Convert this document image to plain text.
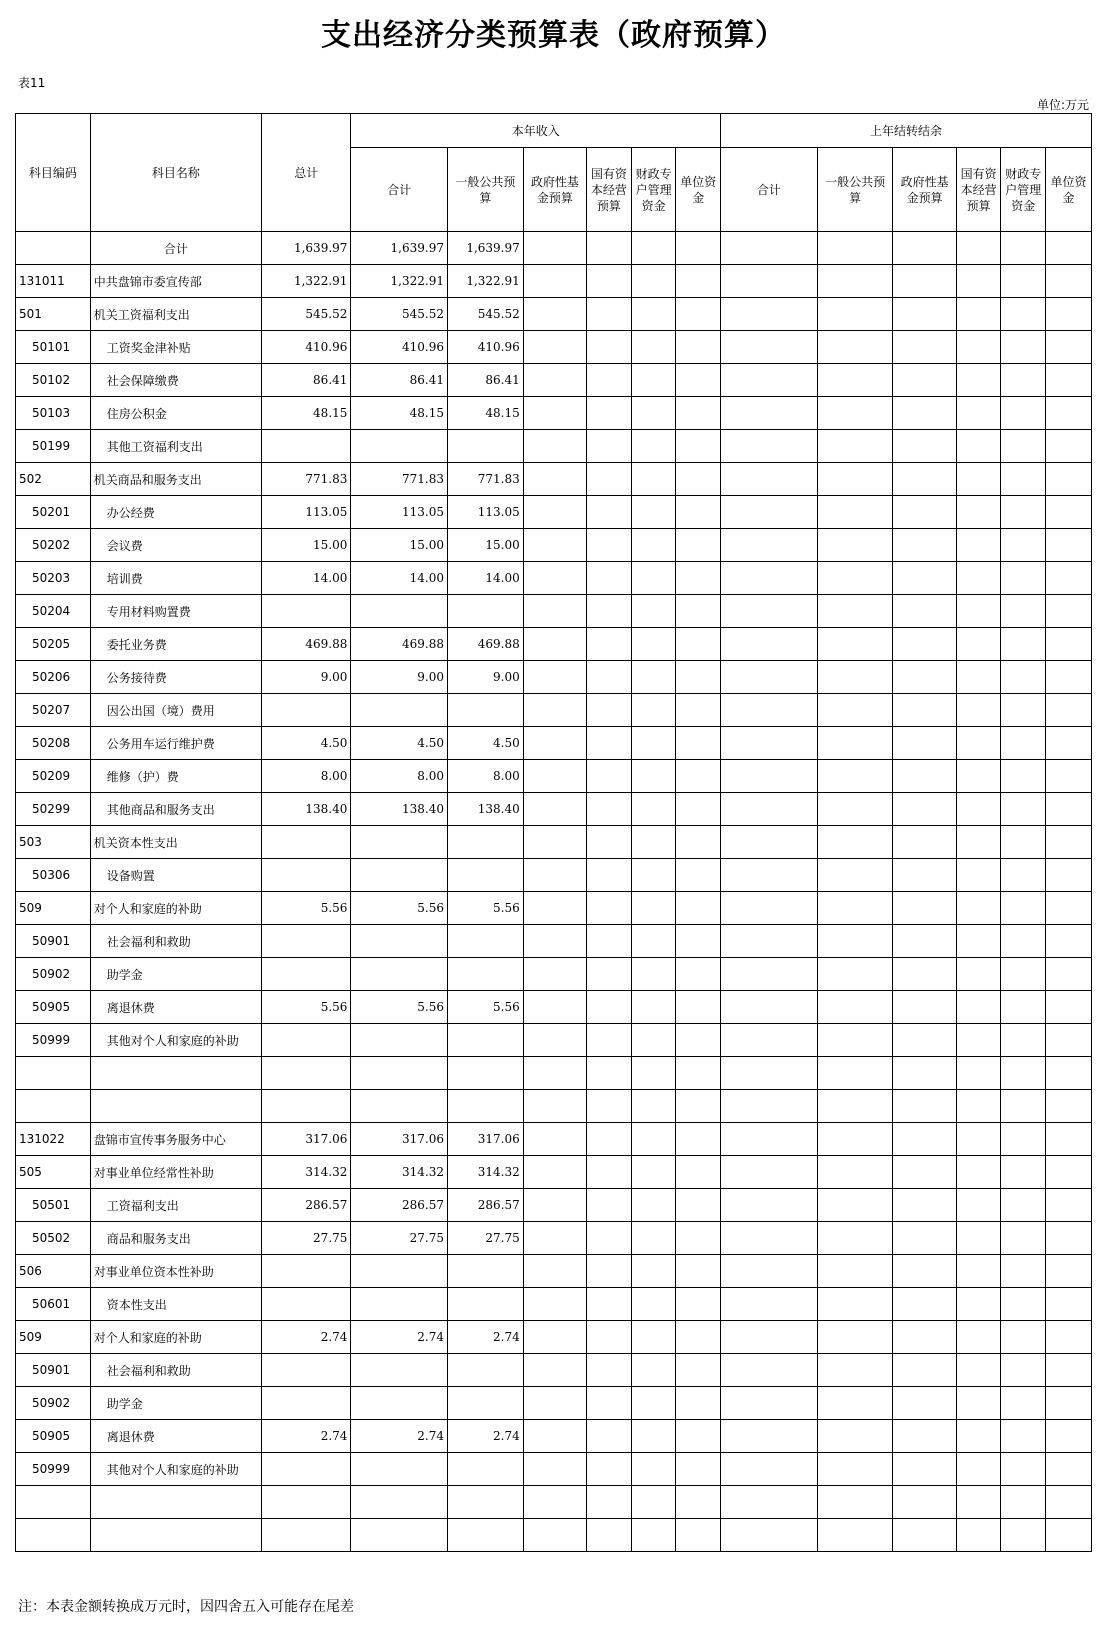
支出经济分类预算表（政府预算）
表11
单位:万元
科目编码	科目名称	总计	本年收入						上年结转结余					
			合计	一般公共预算	政府性基金预算	国有资本经营预算	财政专户管理资金	单位资金	合计	一般公共预算	政府性基金预算	国有资本经营预算	财政专户管理资金	单位资金
	合计	1,639.97	1,639.97	1,639.97										
131011	中共盘锦市委宣传部	1,322.91	1,322.91	1,322.91										
501	机关工资福利支出	545.52	545.52	545.52										
50101	工资奖金津补贴	410.96	410.96	410.96										
50102	社会保障缴费	86.41	86.41	86.41										
50103	住房公积金	48.15	48.15	48.15										
50199	其他工资福利支出													
502	机关商品和服务支出	771.83	771.83	771.83										
50201	办公经费	113.05	113.05	113.05										
50202	会议费	15.00	15.00	15.00										
50203	培训费	14.00	14.00	14.00										
50204	专用材料购置费													
50205	委托业务费	469.88	469.88	469.88										
50206	公务接待费	9.00	9.00	9.00										
50207	因公出国（境）费用													
50208	公务用车运行维护费	4.50	4.50	4.50										
50209	维修（护）费	8.00	8.00	8.00										
50299	其他商品和服务支出	138.40	138.40	138.40										
503	机关资本性支出													
50306	设备购置													
509	对个人和家庭的补助	5.56	5.56	5.56										
50901	社会福利和救助													
50902	助学金													
50905	离退休费	5.56	5.56	5.56										
50999	其他对个人和家庭的补助													

131022	盘锦市宣传事务服务中心	317.06	317.06	317.06										
505	对事业单位经常性补助	314.32	314.32	314.32										
50501	工资福利支出	286.57	286.57	286.57										
50502	商品和服务支出	27.75	27.75	27.75										
506	对事业单位资本性补助													
50601	资本性支出													
509	对个人和家庭的补助	2.74	2.74	2.74										
50901	社会福利和救助													
50902	助学金													
50905	离退休费	2.74	2.74	2.74										
50999	其他对个人和家庭的补助													

注：本表金额转换成万元时，因四舍五入可能存在尾差
